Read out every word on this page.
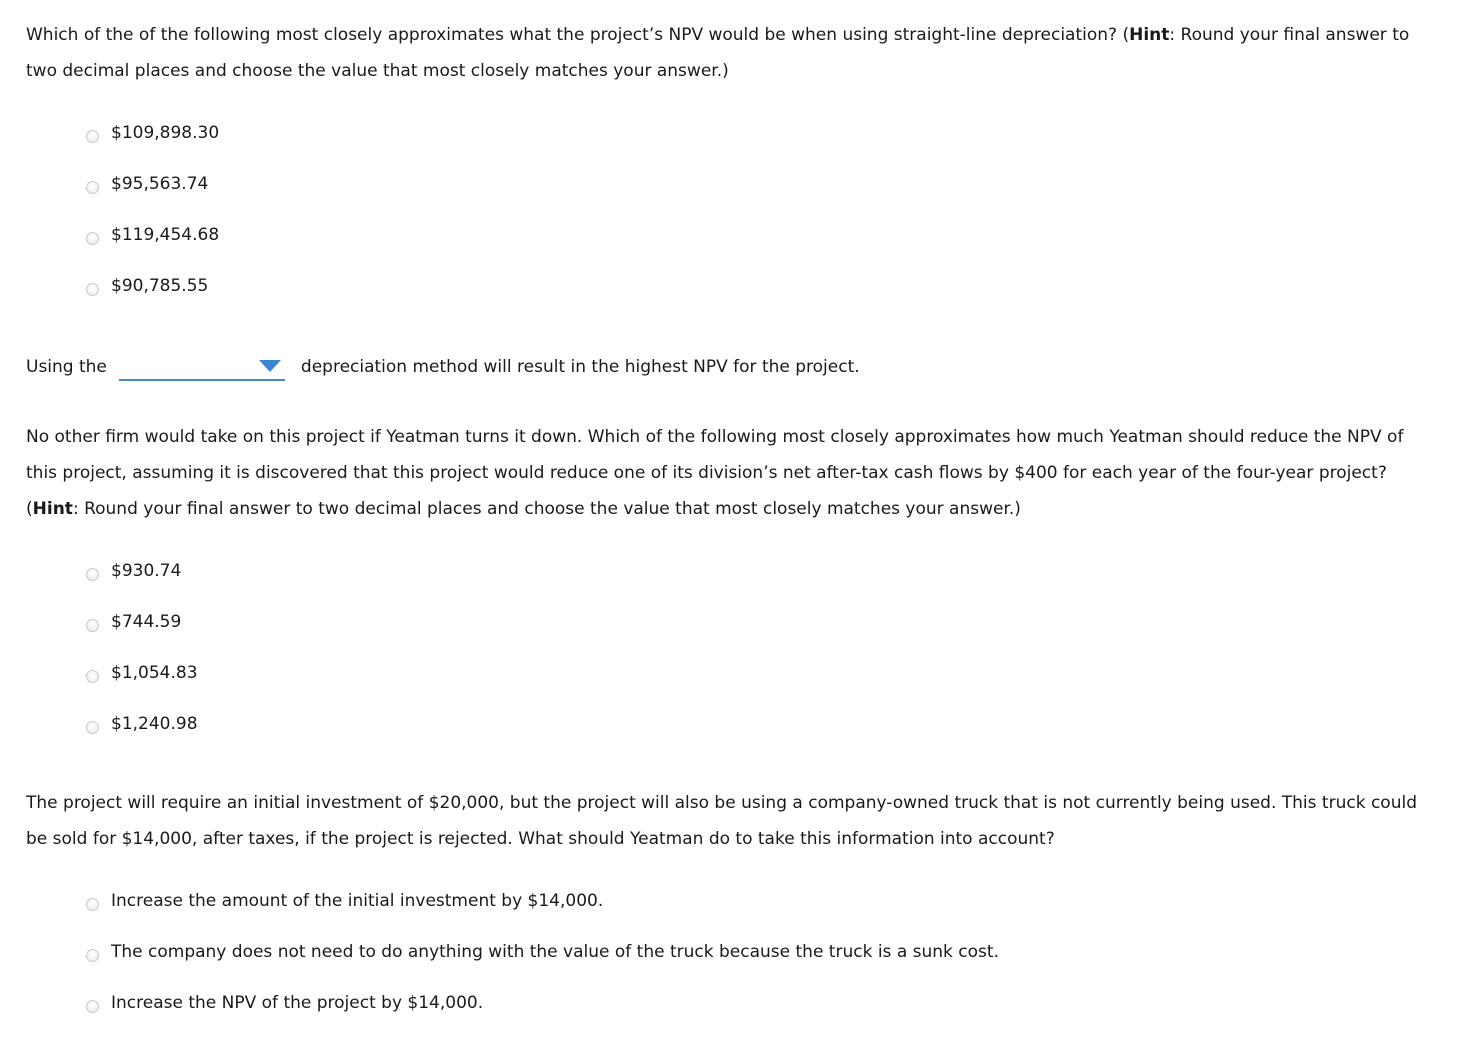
Which of the of the following most closely approximates what the project’s NPV would be when using straight-line depreciation? (Hint: Round your final answer to two decimal places and choose the value that most closely matches your answer.)

$109,898.30
$95,563.74
$119,454.68
$90,785.55
Using the	depreciation method will result in the highest NPV for the project.

No other firm would take on this project if Yeatman turns it down. Which of the following most closely approximates how much Yeatman should reduce the NPV of this project, assuming it is discovered that this project would reduce one of its division’s net after-tax cash flows by $400 for each year of the four-year project? (Hint: Round your final answer to two decimal places and choose the value that most closely matches your answer.)

$930.74
$744.59
$1,054.83
$1,240.98

The project will require an initial investment of $20,000, but the project will also be using a company-owned truck that is not currently being used. This truck could be sold for $14,000, after taxes, if the project is rejected. What should Yeatman do to take this information into account?

Increase the amount of the initial investment by $14,000.
The company does not need to do anything with the value of the truck because the truck is a sunk cost.
Increase the NPV of the project by $14,000.
